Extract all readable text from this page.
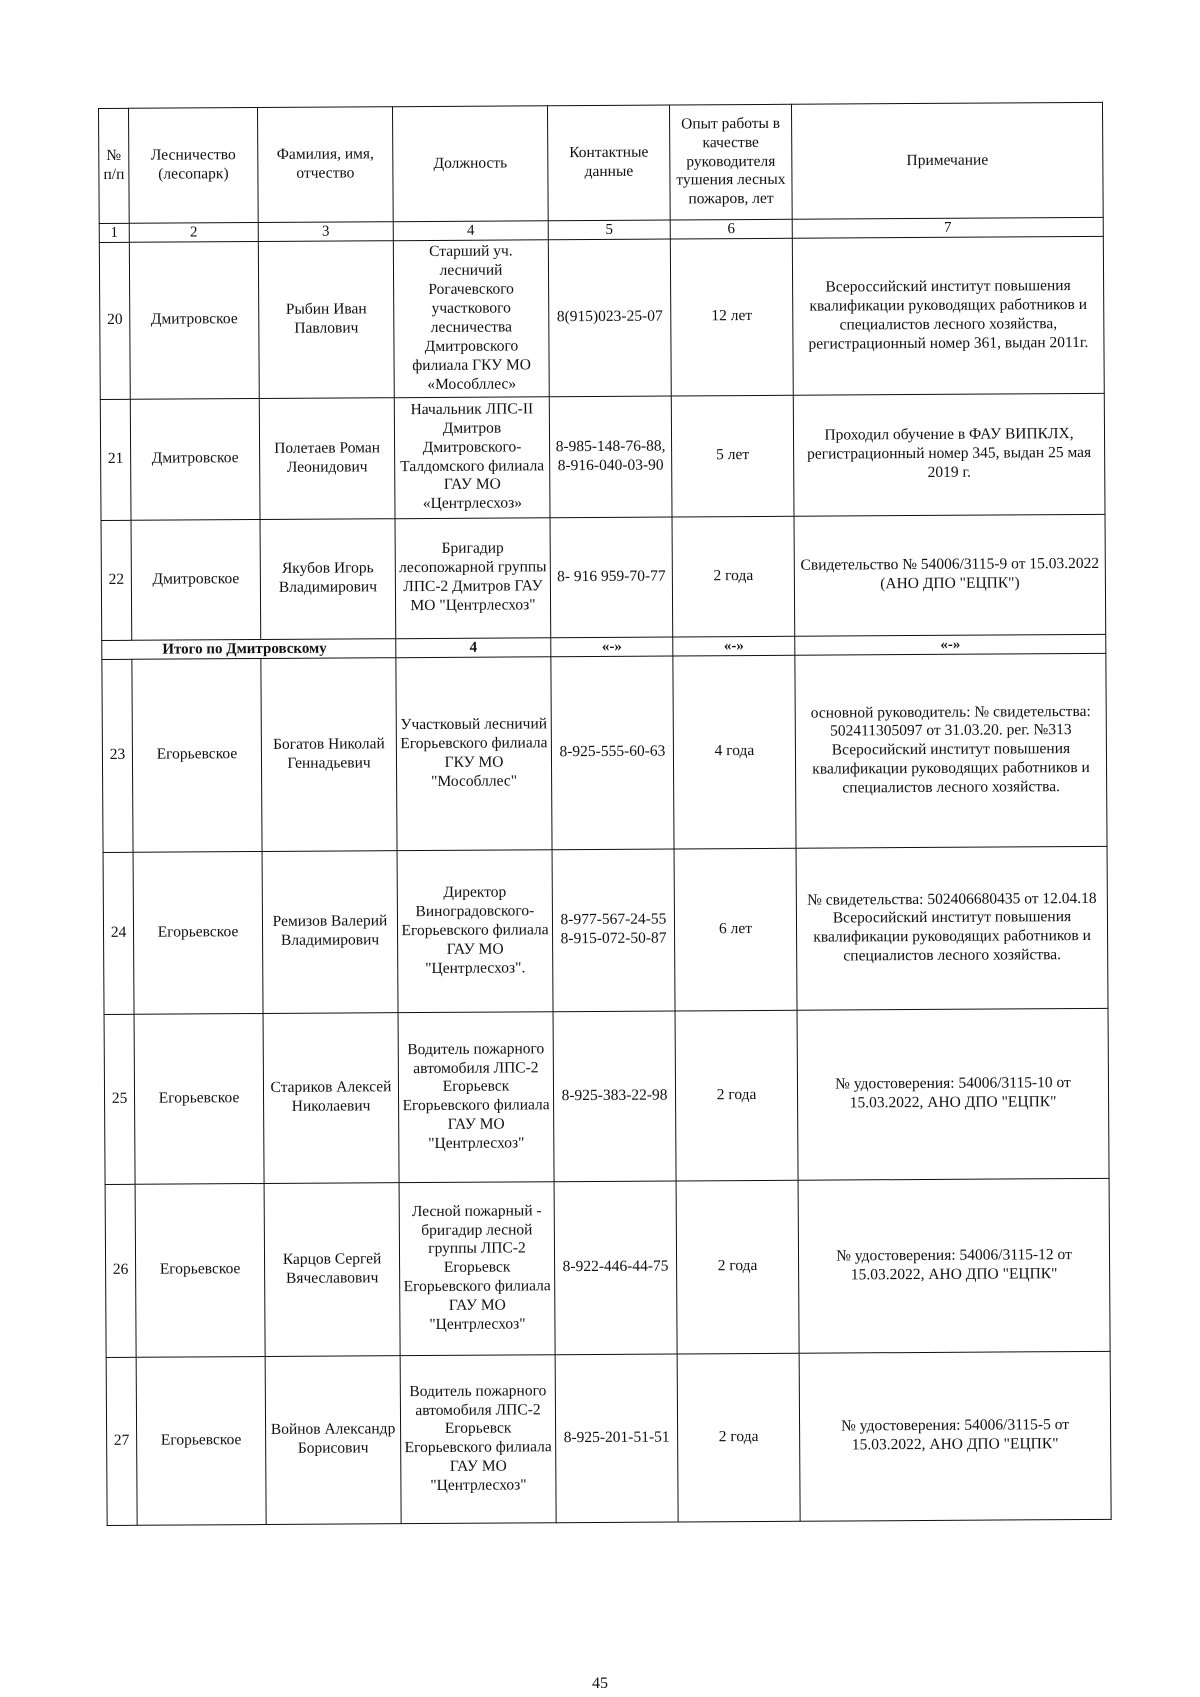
№ п/п	Лесничество (лесопарк)	Фамилия, имя, отчество	Должность	Контактные данные	Опыт работы в качестве руководителя тушения лесных пожаров, лет	Примечание
1	2	3	4	5	6	7
20	Дмитровское	Рыбин Иван Павлович	Старший уч. лесничий Рогачевского участкового лесничества Дмитровского филиала ГКУ МО «Мособллес»	8(915)023-25-07	12 лет	Всероссийский институт повышения квалификации руководящих работников и специалистов лесного хозяйства, регистрационный номер 361, выдан 2011г.
21	Дмитровское	Полетаев Роман Леонидович	Начальник ЛПС-II Дмитров Дмитровского-Талдомского филиала ГАУ МО «Центрлесхоз»	8-985-148-76-88, 8-916-040-03-90	5 лет	Проходил обучение в ФАУ ВИПКЛХ, регистрационный номер 345, выдан 25 мая 2019 г.
22	Дмитровское	Якубов Игорь Владимирович	Бригадир лесопожарной группы ЛПС-2 Дмитров ГАУ МО "Центрлесхоз"	8- 916 959-70-77	2 года	Свидетельство № 54006/3115-9 от 15.03.2022 (АНО ДПО "ЕЦПК")
Итого по Дмитровскому			4	«-»	«-»	«-»
23	Егорьевское	Богатов Николай Геннадьевич	Участковый лесничий Егорьевского филиала ГКУ МО "Мособллес"	8-925-555-60-63	4 года	основной руководитель: № свидетельства: 502411305097 от 31.03.20. рег. №313 Всеросийский институт повышения квалификации руководящих работников и специалистов лесного хозяйства.
24	Егорьевское	Ремизов Валерий Владимирович	Директор Виноградовского-Егорьевского филиала ГАУ МО "Центрлесхоз".	8-977-567-24-55 8-915-072-50-87	6 лет	№ свидетельства: 502406680435 от 12.04.18 Всеросийский институт повышения квалификации руководящих работников и специалистов лесного хозяйства.
25	Егорьевское	Стариков Алексей Николаевич	Водитель пожарного автомобиля ЛПС-2 Егорьевск Егорьевского филиала ГАУ МО "Центрлесхоз"	8-925-383-22-98	2 года	№ удостоверения: 54006/3115-10 от 15.03.2022, АНО ДПО "ЕЦПК"
26	Егорьевское	Карцов Сергей Вячеславович	Лесной пожарный - бригадир лесной группы ЛПС-2 Егорьевск Егорьевского филиала ГАУ МО "Центрлесхоз"	8-922-446-44-75	2 года	№ удостоверения: 54006/3115-12 от 15.03.2022, АНО ДПО "ЕЦПК"
27	Егорьевское	Войнов Александр Борисович	Водитель пожарного автомобиля ЛПС-2 Егорьевск Егорьевского филиала ГАУ МО "Центрлесхоз"	8-925-201-51-51	2 года	№ удостоверения: 54006/3115-5 от 15.03.2022, АНО ДПО "ЕЦПК"
45
